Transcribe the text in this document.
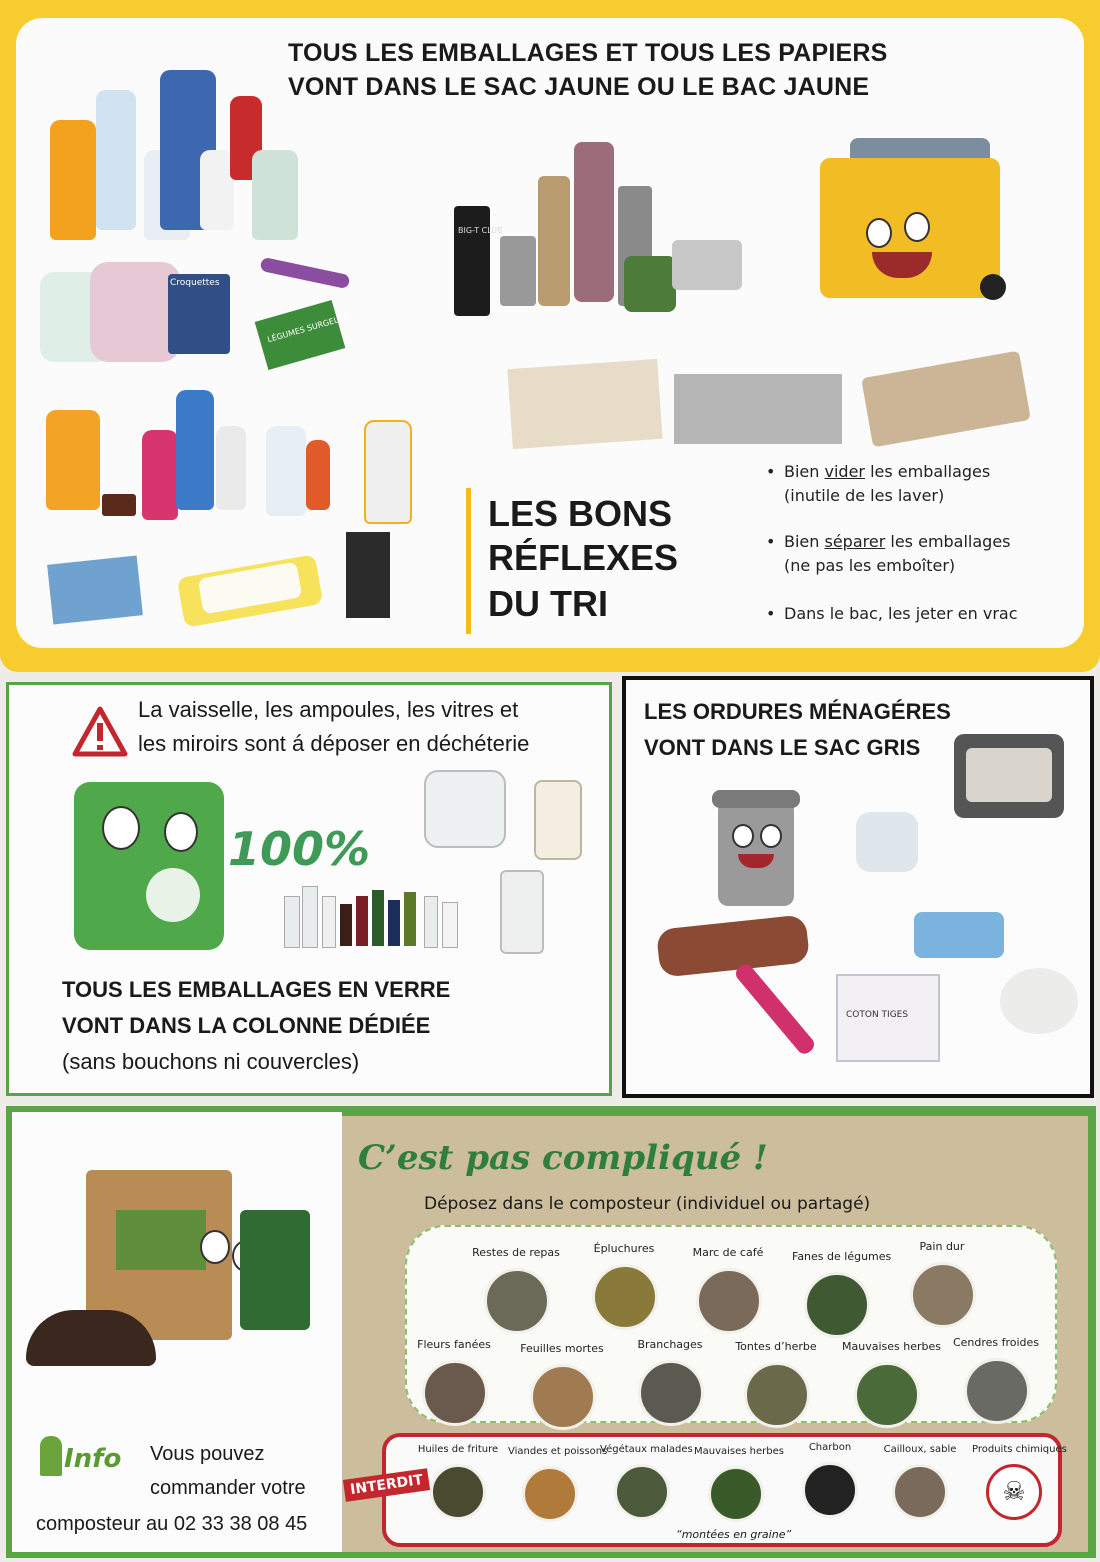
TOUS LES EMBALLAGES ET TOUS LES PAPIERS
VONT DANS LE SAC JAUNE OU LE BAC JAUNE
Croquettes
LÉGUMES SURGELÉS
BIG-T CLUB
LES BONS
RÉFLEXES
DU TRI
• Bien vider les emballages
(inutile de les laver)
• Bien séparer les emballages
(ne pas les emboîter)
• Dans le bac, les jeter en vrac
La vaisselle, les ampoules, les vitres et
les miroirs sont á déposer en déchéterie
100%
TOUS LES EMBALLAGES EN VERRE
VONT DANS LA COLONNE DÉDIÉE
(sans bouchons ni couvercles)
LES ORDURES MÉNAGÉRES
VONT DANS LE SAC GRIS
COTON TIGES
Info Vous pouvez
commander votre
composteur au 02 33 38 08 45
C’est pas compliqué !
Déposez dans le composteur (individuel ou partagé)
Restes de repas	Épluchures	Marc de café	Fanes de légumes
Pain dur
Fleurs fanées	Feuilles mortes	Branchages	Tontes d’herbe	Mauvaises herbes Cendres froides
INTERDIT
Huiles de friture Viandes et poissons
Végétaux malades Mauvaises herbes	Charbon	Cailloux, sable	Produits chimiques
☠
“montées en graine”
